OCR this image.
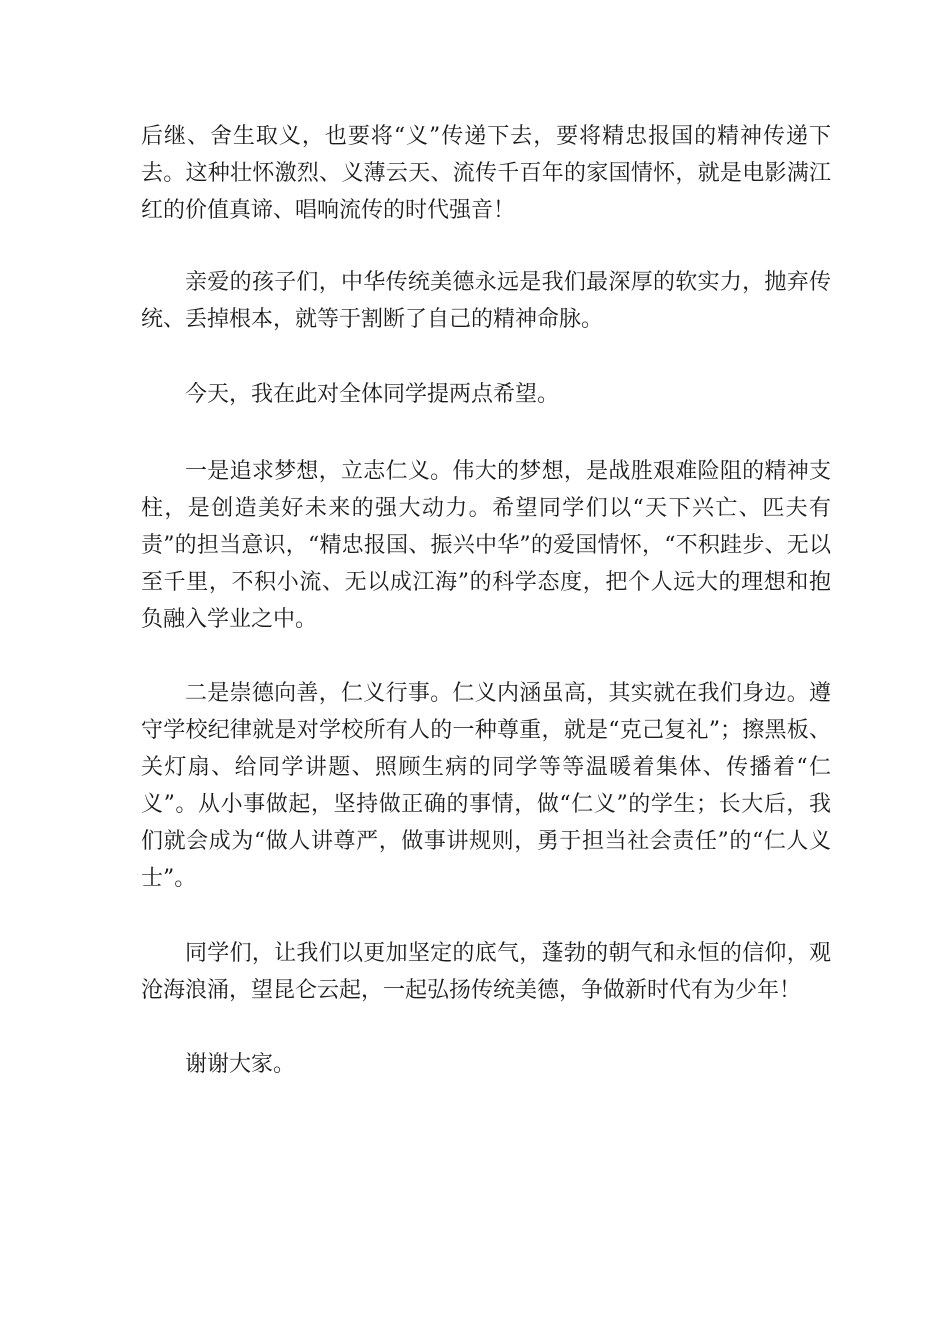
后继、舍生取义，也要将“义”传递下去，要将精忠报国的精神传递下去。这种壮怀激烈、义薄云天、流传千百年的家国情怀，就是电影满江红的价值真谛、唱响流传的时代强音！

亲爱的孩子们，中华传统美德永远是我们最深厚的软实力，抛弃传统、丢掉根本，就等于割断了自己的精神命脉。

今天，我在此对全体同学提两点希望。

一是追求梦想，立志仁义。伟大的梦想，是战胜艰难险阻的精神支柱，是创造美好未来的强大动力。希望同学们以“天下兴亡、匹夫有责”的担当意识，“精忠报国、振兴中华”的爱国情怀，“不积跬步、无以至千里，不积小流、无以成江海”的科学态度，把个人远大的理想和抱负融入学业之中。

二是崇德向善，仁义行事。仁义内涵虽高，其实就在我们身边。遵守学校纪律就是对学校所有人的一种尊重，就是“克己复礼”；擦黑板、关灯扇、给同学讲题、照顾生病的同学等等温暖着集体、传播着“仁义”。从小事做起，坚持做正确的事情，做“仁义”的学生；长大后，我们就会成为“做人讲尊严，做事讲规则，勇于担当社会责任”的“仁人义士”。

同学们，让我们以更加坚定的底气，蓬勃的朝气和永恒的信仰，观沧海浪涌，望昆仑云起，一起弘扬传统美德，争做新时代有为少年！

谢谢大家。
